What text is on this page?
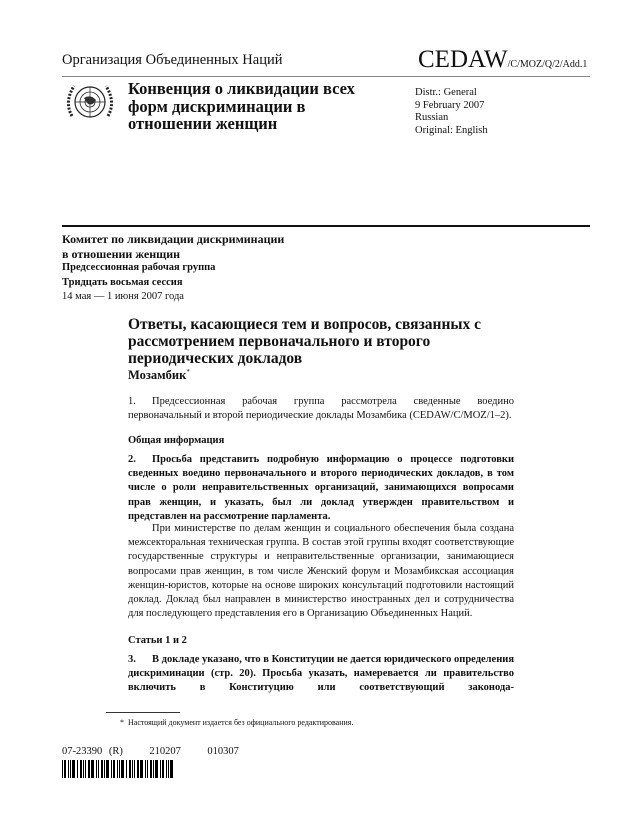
Организация Объединенных Наций	CEDAW/C/MOZ/Q/2/Add.1
Конвенция о ликвидации всех форм дискриминации в отношении женщин
Distr.: General
9 February 2007
Russian
Original: English
Комитет по ликвидации дискриминации
в отношении женщин
Предсессионная рабочая группа
Тридцать восьмая сессия
14 мая — 1 июня 2007 года
Ответы, касающиеся тем и вопросов, связанных с рассмотрением первоначального и второго периодических докладов
Мозамбик*
1. Предсессионная рабочая группа рассмотрела сведенные воедино первоначальный и второй периодические доклады Мозамбика (CEDAW/C/MOZ/1–2).
Общая информация
2. Просьба представить подробную информацию о процессе подготовки сведенных воедино первоначального и второго периодических докладов, в том числе о роли неправительственных организаций, занимающихся вопросами прав женщин, и указать, был ли доклад утвержден правительством и представлен на рассмотрение парламента.
При министерстве по делам женщин и социального обеспечения была создана межсекторальная техническая группа. В состав этой группы входят соответствующие государственные структуры и неправительственные организации, занимающиеся вопросами прав женщин, в том числе Женский форум и Мозамбикская ассоциация женщин-юристов, которые на основе широких консультаций подготовили настоящий доклад. Доклад был направлен в министерство иностранных дел и сотрудничества для последующего представления его в Организацию Объединенных Наций.
Статьи 1 и 2
3. В докладе указано, что в Конституции не дается юридического определения дискриминации (стр. 20). Просьба указать, намеревается ли правительство включить в Конституцию или соответствующий законода-
* Настоящий документ издается без официального редактирования.
07-23390 (R)    210207    010307
